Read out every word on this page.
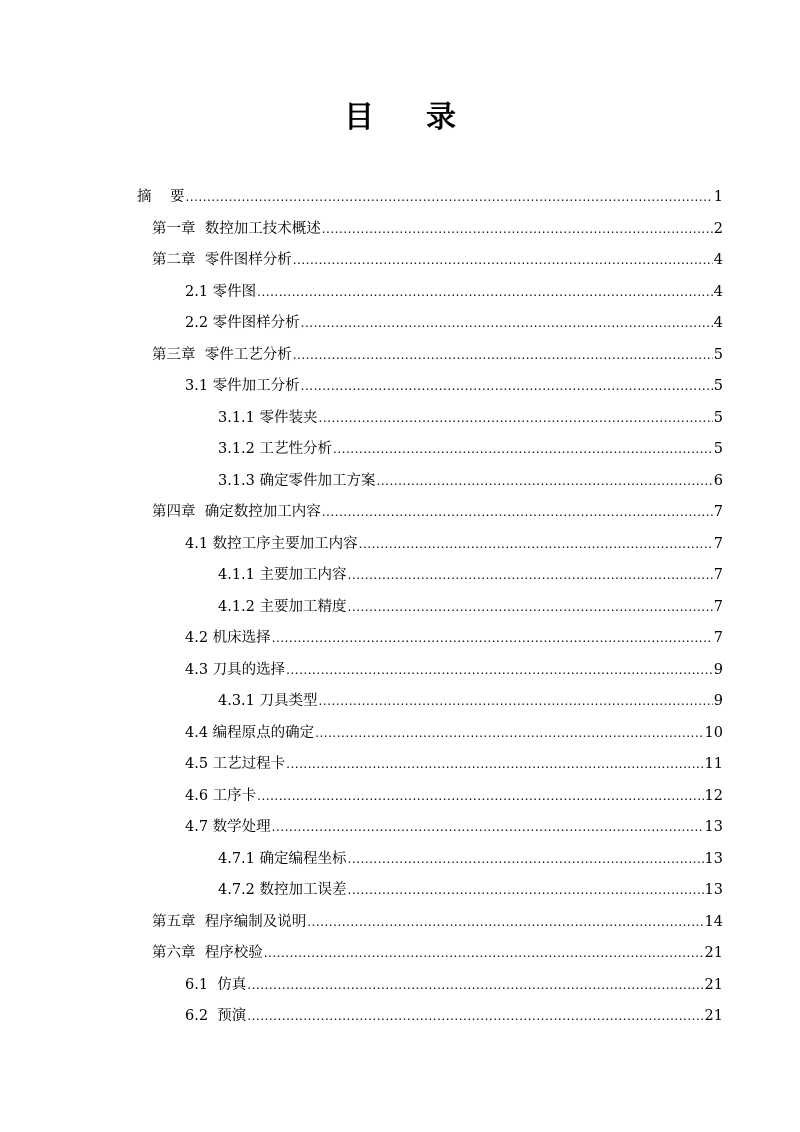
目 录
摘    要 .....	1
第一章  数控加工技术概述 .....	2
第二章  零件图样分析 .....	4
2.1 零件图 .....	4
2.2 零件图样分析 .....	4
第三章  零件工艺分析 .....	5
3.1 零件加工分析 .....	5
3.1.1 零件装夹 .....	5
3.1.2 工艺性分析 .....	5
3.1.3 确定零件加工方案 .....	6
第四章  确定数控加工内容 .....	7
4.1 数控工序主要加工内容 .....	7
4.1.1 主要加工内容 .....	7
4.1.2 主要加工精度 .....	7
4.2 机床选择 .....	7
4.3 刀具的选择 .....	9
4.3.1 刀具类型 .....	9
4.4 编程原点的确定 .....	10
4.5 工艺过程卡 .....	11
4.6 工序卡 .....	12
4.7 数学处理 .....	13
4.7.1 确定编程坐标 .....	13
4.7.2 数控加工误差 .....	13
第五章  程序编制及说明 .....	14
第六章  程序校验 .....	21
6.1  仿真 .....	21
6.2  预演 .....	21
